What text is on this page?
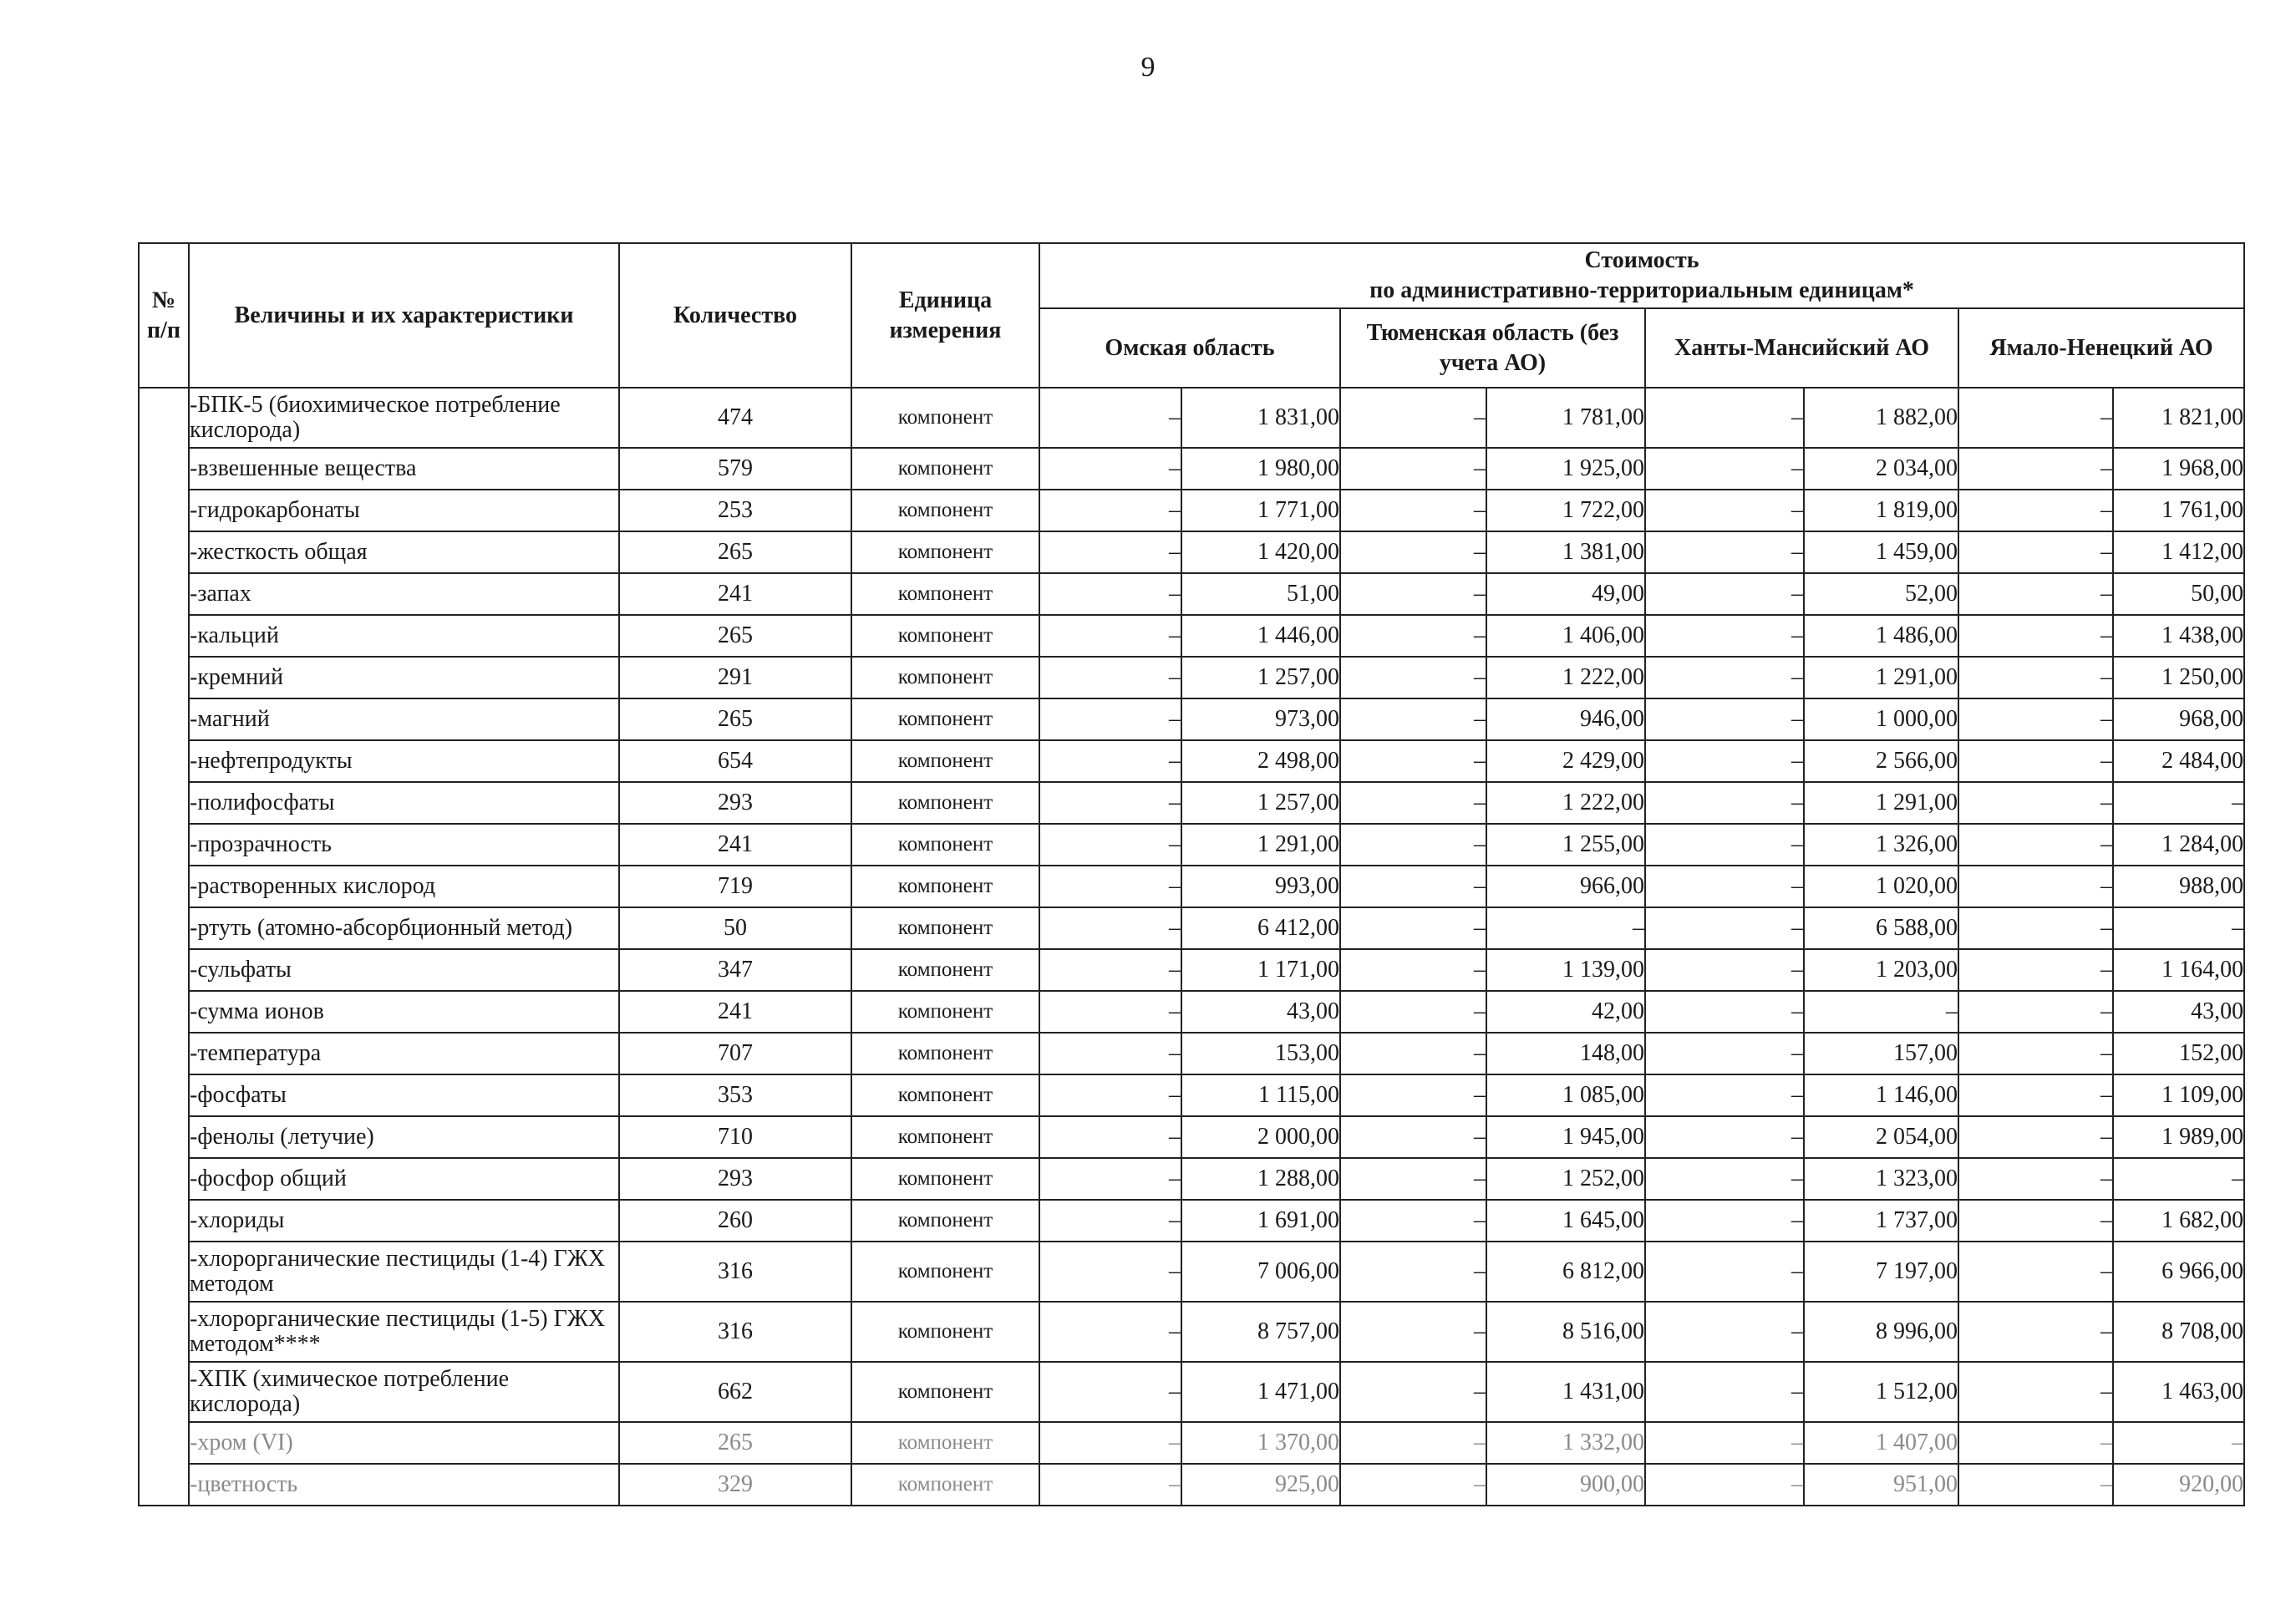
9
№ п/п	Величины и их характеристики	Количество	Единица измерения	Стоимость
по административно-территориальным единицам*							

				Омская область		Тюменская область (без учета АО)		Ханты-Мансийский АО		Ямало-Ненецкий АО	
	-БПК-5 (биохимическое потребление кислорода)	474	компонент	–	1 831,00	–	1 781,00	–	1 882,00	–	1 821,00
	-взвешенные вещества	579	компонент	–	1 980,00	–	1 925,00	–	2 034,00	–	1 968,00
	-гидрокарбонаты	253	компонент	–	1 771,00	–	1 722,00	–	1 819,00	–	1 761,00
	-жесткость общая	265	компонент	–	1 420,00	–	1 381,00	–	1 459,00	–	1 412,00
	-запах	241	компонент	–	51,00	–	49,00	–	52,00	–	50,00
	-кальций	265	компонент	–	1 446,00	–	1 406,00	–	1 486,00	–	1 438,00
	-кремний	291	компонент	–	1 257,00	–	1 222,00	–	1 291,00	–	1 250,00
	-магний	265	компонент	–	973,00	–	946,00	–	1 000,00	–	968,00
	-нефтепродукты	654	компонент	–	2 498,00	–	2 429,00	–	2 566,00	–	2 484,00
	-полифосфаты	293	компонент	–	1 257,00	–	1 222,00	–	1 291,00	–	–
	-прозрачность	241	компонент	–	1 291,00	–	1 255,00	–	1 326,00	–	1 284,00
	-растворенных кислород	719	компонент	–	993,00	–	966,00	–	1 020,00	–	988,00
	-ртуть (атомно-абсорбционный метод)	50	компонент	–	6 412,00	–	–	–	6 588,00	–	–
	-сульфаты	347	компонент	–	1 171,00	–	1 139,00	–	1 203,00	–	1 164,00
	-сумма ионов	241	компонент	–	43,00	–	42,00	–	–	–	43,00
	-температура	707	компонент	–	153,00	–	148,00	–	157,00	–	152,00
	-фосфаты	353	компонент	–	1 115,00	–	1 085,00	–	1 146,00	–	1 109,00
	-фенолы (летучие)	710	компонент	–	2 000,00	–	1 945,00	–	2 054,00	–	1 989,00
	-фосфор общий	293	компонент	–	1 288,00	–	1 252,00	–	1 323,00	–	–
	-хлориды	260	компонент	–	1 691,00	–	1 645,00	–	1 737,00	–	1 682,00
	-хлорорганические пестициды (1-4) ГЖХ методом	316	компонент	–	7 006,00	–	6 812,00	–	7 197,00	–	6 966,00
	-хлорорганические пестициды (1-5) ГЖХ методом****	316	компонент	–	8 757,00	–	8 516,00	–	8 996,00	–	8 708,00
	-ХПК (химическое потребление кислорода)	662	компонент	–	1 471,00	–	1 431,00	–	1 512,00	–	1 463,00
	-хром (VI)	265	компонент	–	1 370,00	–	1 332,00	–	1 407,00	–	–
	-цветность	329	компонент	–	925,00	–	900,00	–	951,00	–	920,00
